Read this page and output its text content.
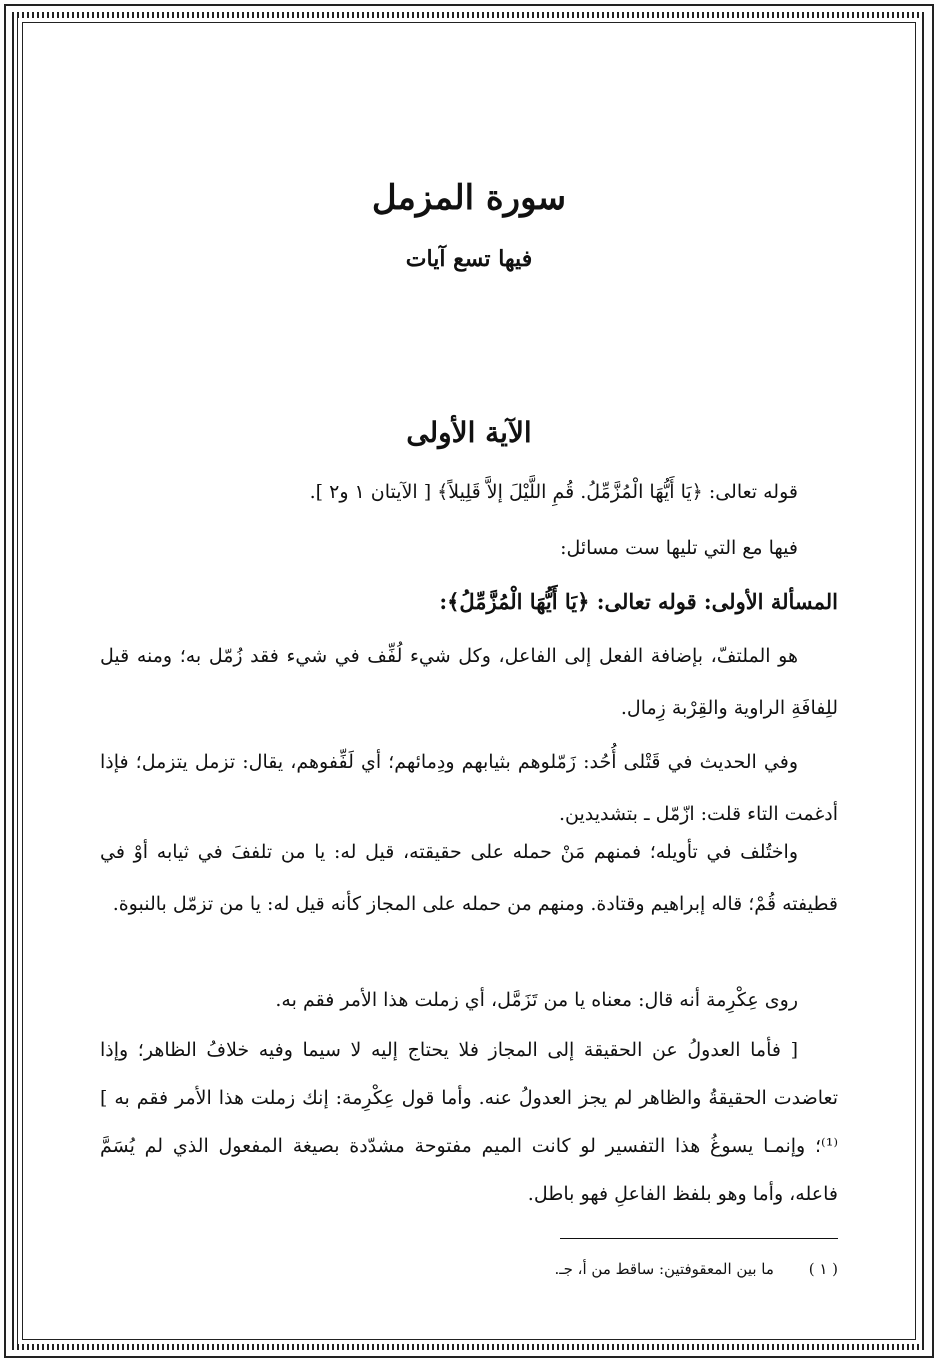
سورة المزمل
فيها تسع آيات
الآية الأولى

قوله تعالى: ﴿يَا أَيُّهَا الْمُزَّمِّلُ. قُمِ اللَّيْلَ إلاَّ قَلِيلاً﴾ [ الآيتان ١ و٢ ].

فيها مع التي تليها ست مسائل:

المسألة الأولى: قوله تعالى: ﴿يَا أَيُّهَا الْمُزَّمِّلُ﴾:

هو الملتفّ، بإضافة الفعل إلى الفاعل، وكل شيء لُفِّف في شيء فقد زُمّل به؛ ومنه قيل للِفافَةِ الراوية والقِرْبة زِمال.

وفي الحديث في قَتْلى أُحُد: زَمّلوهم بثيابهم ودِمائهم؛ أي لَفِّفوهم، يقال: تزمل يتزمل؛ فإذا أدغمت التاء قلت: ازّمّل ـ بتشديدين.

واختُلف في تأويله؛ فمنهم مَنْ حمله على حقيقته، قيل له: يا من تلففَ في ثيابه أوْ في قطيفته قُمْ؛ قاله إبراهيم وقتادة. ومنهم من حمله على المجاز كأنه قيل له: يا من تزمّل بالنبوة.

روى عِكْرِمة أنه قال: معناه يا من تَزَمَّل، أي زملت هذا الأمر فقم به.

[ فأما العدولُ عن الحقيقة إلى المجاز فلا يحتاج إليه لا سيما وفيه خلافُ الظاهر؛ وإذا تعاضدت الحقيقةُ والظاهر لم يجز العدولُ عنه. وأما قول عِكْرِمة: إنك زملت هذا الأمر فقم به ] ⁽¹⁾؛ وإنمـا يسوغُ هذا التفسير لو كانت الميم مفتوحة مشدّدة بصيغة المفعول الذي لم يُسَمَّ فاعله، وأما وهو بلفظ الفاعلِ فهو باطل.

( ١ ) ما بين المعقوفتين: ساقط من أ، جـ.
